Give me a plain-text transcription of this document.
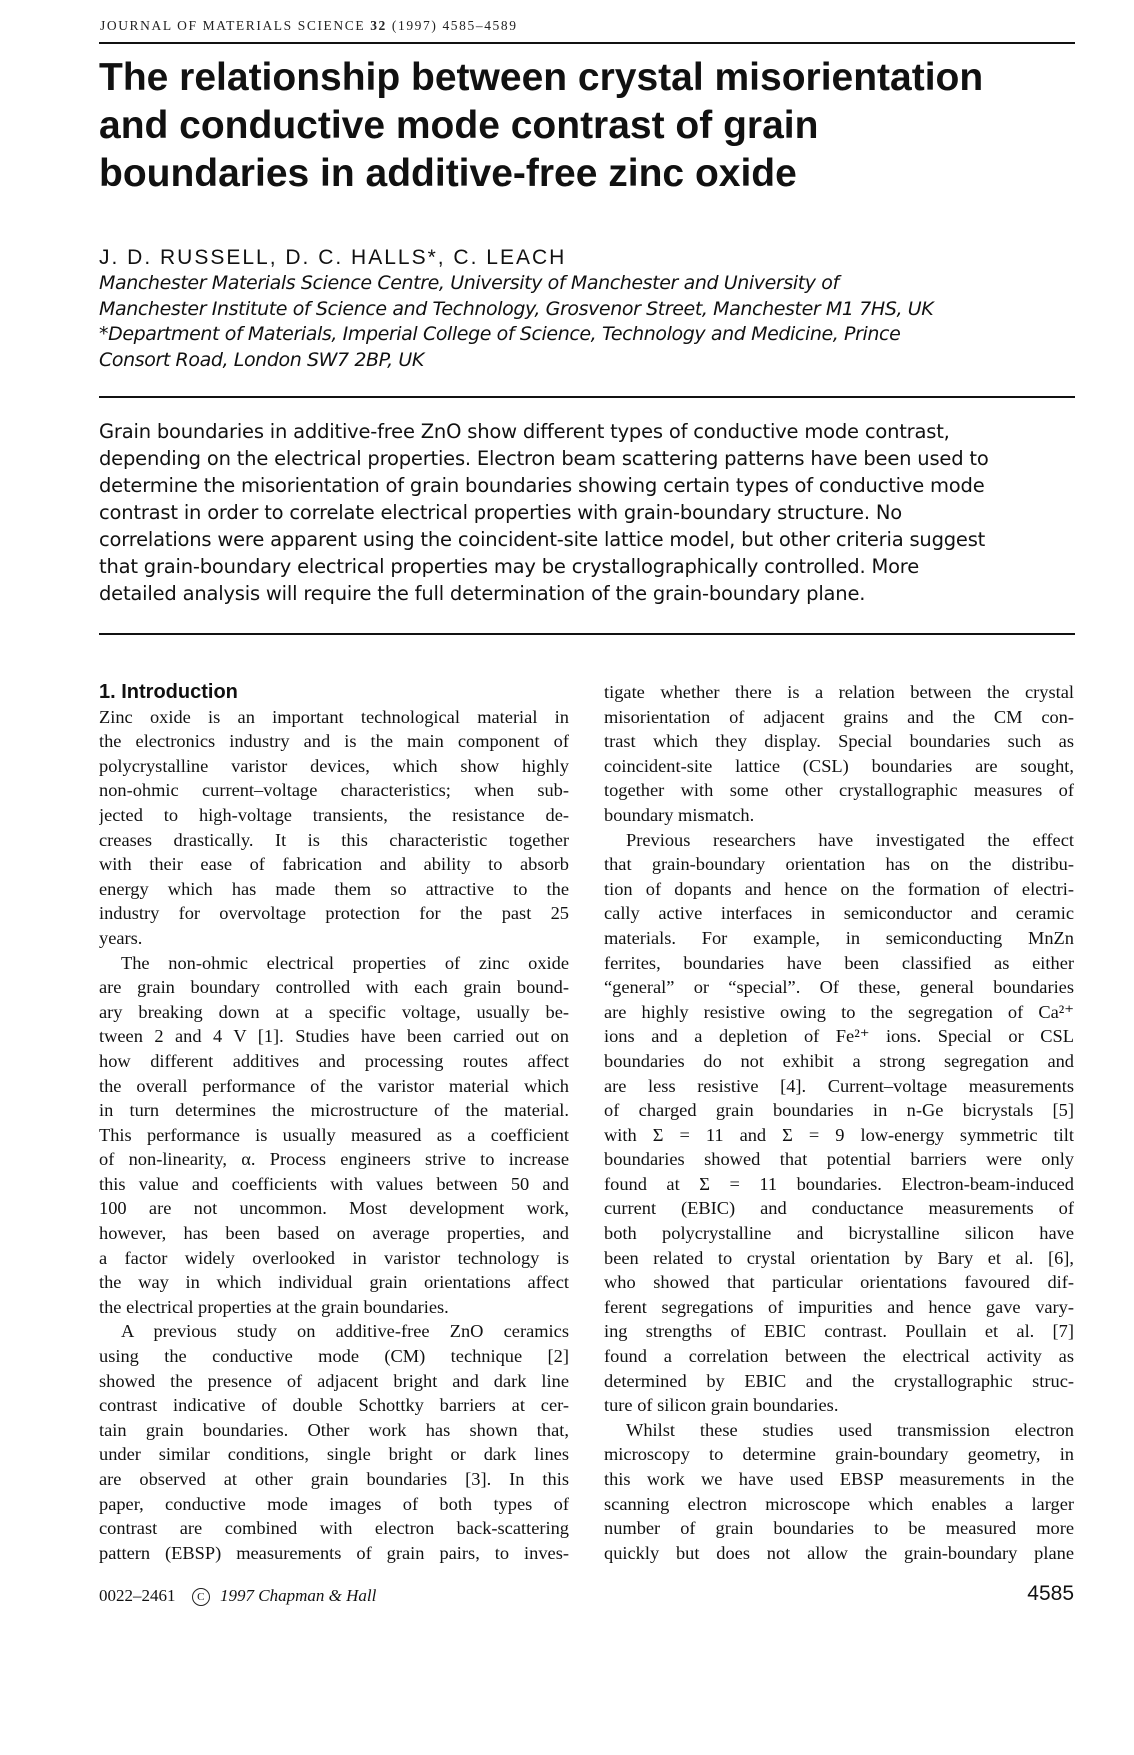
JOURNAL OF MATERIALS SCIENCE 32 (1997) 4585–4589
The relationship between crystal misorientation
and conductive mode contrast of grain
boundaries in additive-free zinc oxide

J. D. RUSSELL, D. C. HALLS*, C. LEACH

Manchester Materials Science Centre, University of Manchester and University of
Manchester Institute of Science and Technology, Grosvenor Street, Manchester M1 7HS, UK
*Department of Materials, Imperial College of Science, Technology and Medicine, Prince
Consort Road, London SW7 2BP, UK
Grain boundaries in additive-free ZnO show different types of conductive mode contrast,
depending on the electrical properties. Electron beam scattering patterns have been used to
determine the misorientation of grain boundaries showing certain types of conductive mode
contrast in order to correlate electrical properties with grain-boundary structure. No
correlations were apparent using the coincident-site lattice model, but other criteria suggest
that grain-boundary electrical properties may be crystallographically controlled. More
detailed analysis will require the full determination of the grain-boundary plane.
1. Introduction
Zinc oxide is an important technological material in
the electronics industry and is the main component of
polycrystalline varistor devices, which show highly
non-ohmic current–voltage characteristics; when sub-
jected to high-voltage transients, the resistance de-
creases drastically. It is this characteristic together
with their ease of fabrication and ability to absorb
energy which has made them so attractive to the
industry for overvoltage protection for the past 25
years.
The non-ohmic electrical properties of zinc oxide
are grain boundary controlled with each grain bound-
ary breaking down at a specific voltage, usually be-
tween 2 and 4 V [1]. Studies have been carried out on
how different additives and processing routes affect
the overall performance of the varistor material which
in turn determines the microstructure of the material.
This performance is usually measured as a coefficient
of non-linearity, α. Process engineers strive to increase
this value and coefficients with values between 50 and
100 are not uncommon. Most development work,
however, has been based on average properties, and
a factor widely overlooked in varistor technology is
the way in which individual grain orientations affect
the electrical properties at the grain boundaries.
A previous study on additive-free ZnO ceramics
using the conductive mode (CM) technique [2]
showed the presence of adjacent bright and dark line
contrast indicative of double Schottky barriers at cer-
tain grain boundaries. Other work has shown that,
under similar conditions, single bright or dark lines
are observed at other grain boundaries [3]. In this
paper, conductive mode images of both types of
contrast are combined with electron back-scattering
pattern (EBSP) measurements of grain pairs, to inves-
tigate whether there is a relation between the crystal
misorientation of adjacent grains and the CM con-
trast which they display. Special boundaries such as
coincident-site lattice (CSL) boundaries are sought,
together with some other crystallographic measures of
boundary mismatch.
Previous researchers have investigated the effect
that grain-boundary orientation has on the distribu-
tion of dopants and hence on the formation of electri-
cally active interfaces in semiconductor and ceramic
materials. For example, in semiconducting MnZn
ferrites, boundaries have been classified as either
“general” or “special”. Of these, general boundaries
are highly resistive owing to the segregation of Ca²⁺
ions and a depletion of Fe²⁺ ions. Special or CSL
boundaries do not exhibit a strong segregation and
are less resistive [4]. Current–voltage measurements
of charged grain boundaries in n-Ge bicrystals [5]
with Σ = 11 and Σ = 9 low-energy symmetric tilt
boundaries showed that potential barriers were only
found at Σ = 11 boundaries. Electron-beam-induced
current (EBIC) and conductance measurements of
both polycrystalline and bicrystalline silicon have
been related to crystal orientation by Bary et al. [6],
who showed that particular orientations favoured dif-
ferent segregations of impurities and hence gave vary-
ing strengths of EBIC contrast. Poullain et al. [7]
found a correlation between the electrical activity as
determined by EBIC and the crystallographic struc-
ture of silicon grain boundaries.
Whilst these studies used transmission electron
microscopy to determine grain-boundary geometry, in
this work we have used EBSP measurements in the
scanning electron microscope which enables a larger
number of grain boundaries to be measured more
quickly but does not allow the grain-boundary plane
0022–2461 C 1997 Chapman & Hall	4585
